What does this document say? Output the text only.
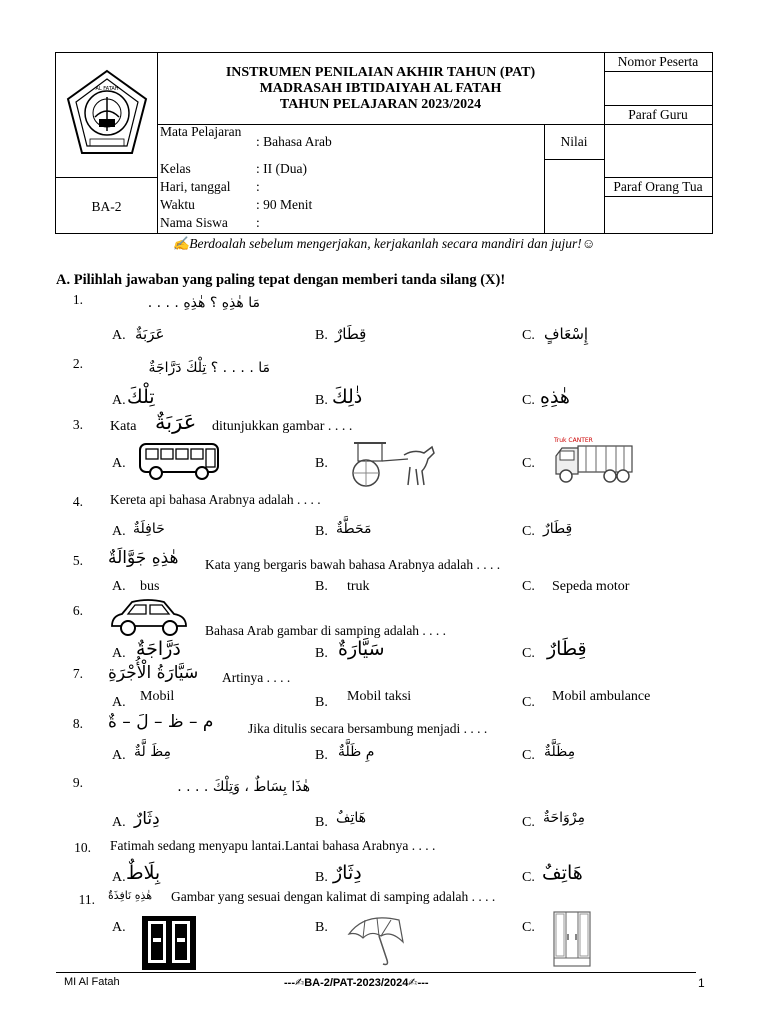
AL FATAH
INSTRUMEN PENILAIAN AKHIR TAHUN (PAT)
MADRASAH IBTIDAIYAH AL FATAH
TAHUN PELAJARAN 2023/2024
BA-2
Nomor Peserta
Paraf Guru
Paraf Orang Tua
Nilai
Mata Pelajaran
: Bahasa Arab
Kelas	: II (Dua)
Hari, tanggal :
Waktu	: 90 Menit
Nama Siswa :
✍Berdoalah sebelum mengerjakan, kerjakanlah secara mandiri dan jujur!☺
A. Pilihlah jawaban yang paling tepat dengan memberi tanda silang (X)!
1.	مَا هٰذِهِ ؟ هٰذِهِ . . . .
A. عَرَبَةٌ	B. قِطَارٌ	C. إِسْعَافٍ
2.	مَا . . . . ؟ تِلْكَ دَرَّاجَةٌ
A. تِلْكَ	B. ذٰلِكَ	C. هٰذِهِ
3. Kata عَرَبَةٌ ditunjukkan gambar . . . .
A.	B.	C.
Truk CANTER
4. Kereta api bahasa Arabnya adalah . . . .
A. حَافِلَةٌ	B. مَحَطَّةٌ	C. قِطَارٌ
5. هٰذِهِ جَوَّالَةٌ Kata yang bergaris bawah bahasa Arabnya adalah . . . .
A. bus	B. truk	C. Sepeda motor
6.
Bahasa Arab gambar di samping adalah . . . .
A. دَرَّاجَةٌ	B. سَيَّارَةٌ	C. قِطَارٌ
7. سَيَّارَةُ الْأُجْرَةِ Artinya . . . .
A. Mobil	B. Mobil taksi	C. Mobil ambulance
8. م – ظ – لَ – ةٌ	Jika ditulis secara bersambung menjadi . . . .
A. مِظَ لَّةٌ	B. مِ ظَلَّةٌ	C. مِظَلَّةٌ
9.	هٰذَا بِسَاطٌ ، وَتِلْكَ . . . .
A. دِثَارٌ	B. هَاتِفٌ	C. مِرْوَاحَةٌ
10. Fatimah sedang menyapu lantai.Lantai bahasa Arabnya . . . .
A. بِلَاطٌ	B. دِثَارٌ	C. هَاتِفٌ
11. هٰذِهِ نَافِذَةٌ Gambar yang sesuai dengan kalimat di samping adalah . . . .
A.	B.	C.
MI Al Fatah	---✍BA-2/PAT-2023/2024✍---	1
